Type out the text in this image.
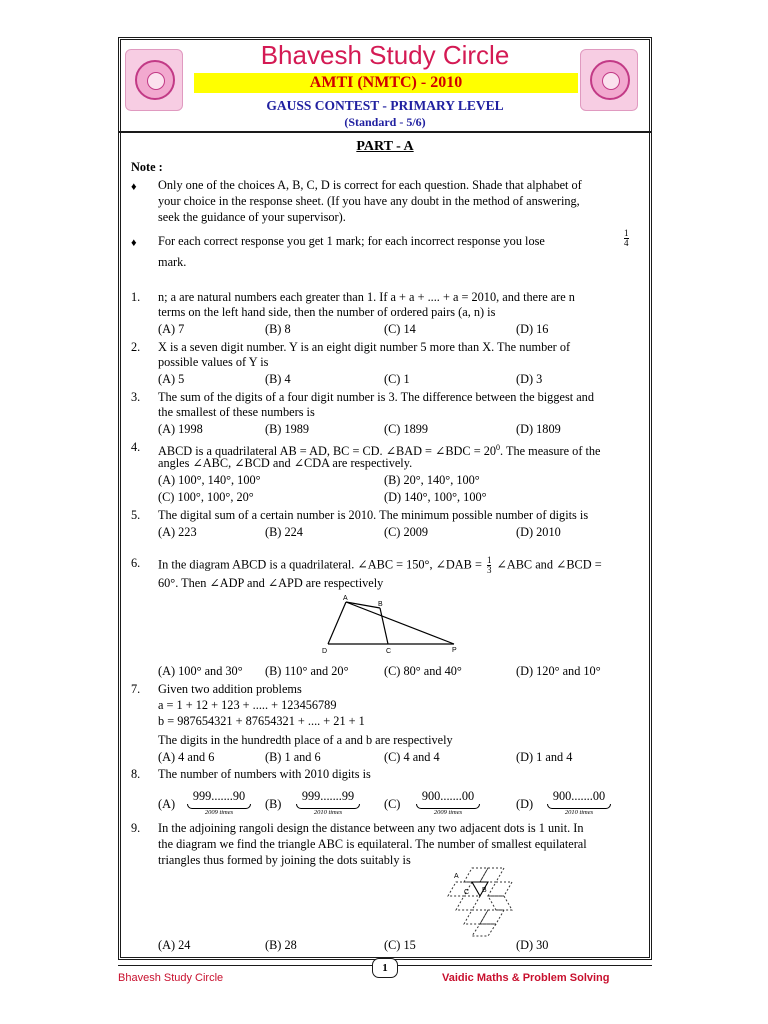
Bhavesh Study Circle
AMTI (NMTC) - 2010
GAUSS CONTEST - PRIMARY LEVEL
(Standard - 5/6)
PART - A
Note :
♦ Only one of the choices A, B, C, D is correct for each question. Shade that alphabet of
your choice in the response sheet. (If you have any doubt in the method of answering,
seek the guidance of your supervisor).
♦ For each correct response you get 1 mark; for each incorrect response you lose	$\frac{1}{4}$
mark.
1. n; a are natural numbers each greater than 1. If a + a + .... + a = 2010, and there are n
terms on the left hand side, then the number of ordered pairs (a, n) is
(A) 7	(B) 8	(C) 14	(D) 16
2. X is a seven digit number. Y is an eight digit number 5 more than X. The number of
possible values of Y is
(A) 5	(B) 4	(C) 1	(D) 3
3. The sum of the digits of a four digit number is 3. The difference between the biggest and
the smallest of these numbers is
(A) 1998	(B) 1989	(C) 1899	(D) 1809
4. ABCD is a quadrilateral AB = AD, BC = CD. ∠BAD = ∠BDC = $20^0$. The measure of the
angles ∠ABC, ∠BCD and ∠CDA are respectively.
(A) 100°, 140°, 100°	(B) 20°, 140°, 100°
(C) 100°, 100°, 20°	(D) 140°, 100°, 100°
5. The digital sum of a certain number is 2010. The minimum possible number of digits is
(A) 223	(B) 224	(C) 2009	(D) 2010
6. In the diagram ABCD is a quadrilateral. ∠ABC = 150°, ∠DAB = $\frac{1}{3}$ ∠ABC and ∠BCD =
60°. Then ∠ADP and ∠APD are respectively
A
B
C
D	P
(A) 100° and 30° (B) 110° and 20°	(C) 80° and 40°	(D) 120° and 10°
7. Given two addition problems
a = 1 + 12 + 123 + ..... + 123456789
b = 987654321 + 87654321 + .... + 21 + 1
The digits in the hundredth place of a and b are respectively
(A) 4 and 6	(B) 1 and 6	(C) 4 and 4	(D) 1 and 4
8. The number of numbers with 2010 digits is
(A)
999.......90
2009 times
(B)
999.......99
2010 times
(C)
900.......00
2009 times
(D)
900.......00
2010 times
9. In the adjoining rangoli design the distance between any two adjacent dots is 1 unit. In
the diagram we find the triangle ABC is equilateral. The number of smallest equilateral
triangles thus formed by joining the dots suitably is
A
B
C
(A) 24	(B) 28	(C) 15	(D) 30
Bhavesh Study Circle
1
Vaidic Maths & Problem Solving
